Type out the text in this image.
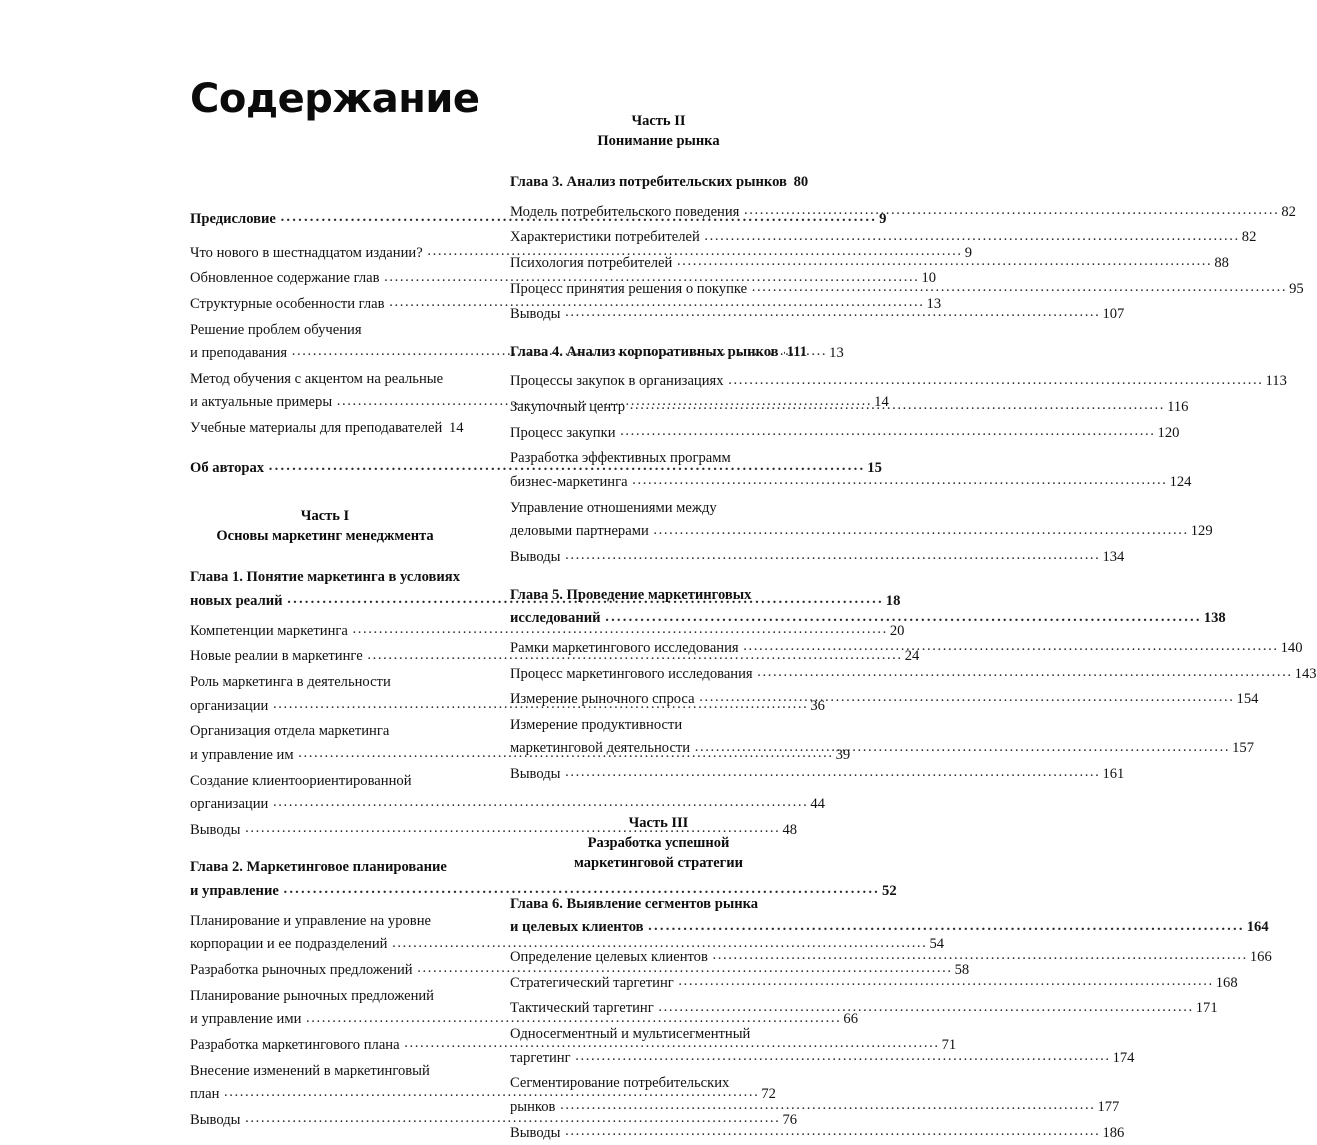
Содержание
Предисловие .....	9
Что нового в шестнадцатом издании? .....	9
Обновленное содержание глав .....	10
Структурные особенности глав .....	13
Решение проблем обучения
и преподавания .....	13
Метод обучения с акцентом на реальные
и актуальные примеры .....	14
Учебные материалы для преподавателей 14
Об авторах .....	15
Часть I
Основы маркетинг менеджмента
Глава 1. Понятие маркетинга в условиях
новых реалий .....	18
Компетенции маркетинга .....	20
Новые реалии в маркетинге .....	24
Роль маркетинга в деятельности
организации .....	36
Организация отдела маркетинга
и управление им .....	39
Создание клиентоориентированной
организации .....	44
Выводы .....	48
Глава 2. Маркетинговое планирование
и управление .....	52
Планирование и управление на уровне
корпорации и ее подразделений .....	54
Разработка рыночных предложений .....	58
Планирование рыночных предложений
и управление ими .....	66
Разработка маркетингового плана .....	71
Внесение изменений в маркетинговый
план .....	72
Выводы .....	76
Часть II
Понимание рынка
Глава 3. Анализ потребительских рынков 80
Модель потребительского поведения .....	82
Характеристики потребителей .....	82
Психология потребителей .....	88
Процесс принятия решения о покупке .....	95
Выводы .....	107
Глава 4. Анализ корпоративных рынков ..... 111
Процессы закупок в организациях .....	113
Закупочный центр .....	116
Процесс закупки .....	120
Разработка эффективных программ
бизнес-маркетинга .....	124
Управление отношениями между
деловыми партнерами .....	129
Выводы .....	134
Глава 5. Проведение маркетинговых
исследований .....	138
Рамки маркетингового исследования .....	140
Процесс маркетингового исследования .....	143
Измерение рыночного спроса .....	154
Измерение продуктивности
маркетинговой деятельности .....	157
Выводы .....	161
Часть III
Разработка успешной
маркетинговой стратегии
Глава 6. Выявление сегментов рынка
и целевых клиентов .....	164
Определение целевых клиентов .....	166
Стратегический таргетинг .....	168
Тактический таргетинг .....	171
Односегментный и мультисегментный
таргетинг .....	174
Сегментирование потребительских
рынков .....	177
Выводы .....	186
